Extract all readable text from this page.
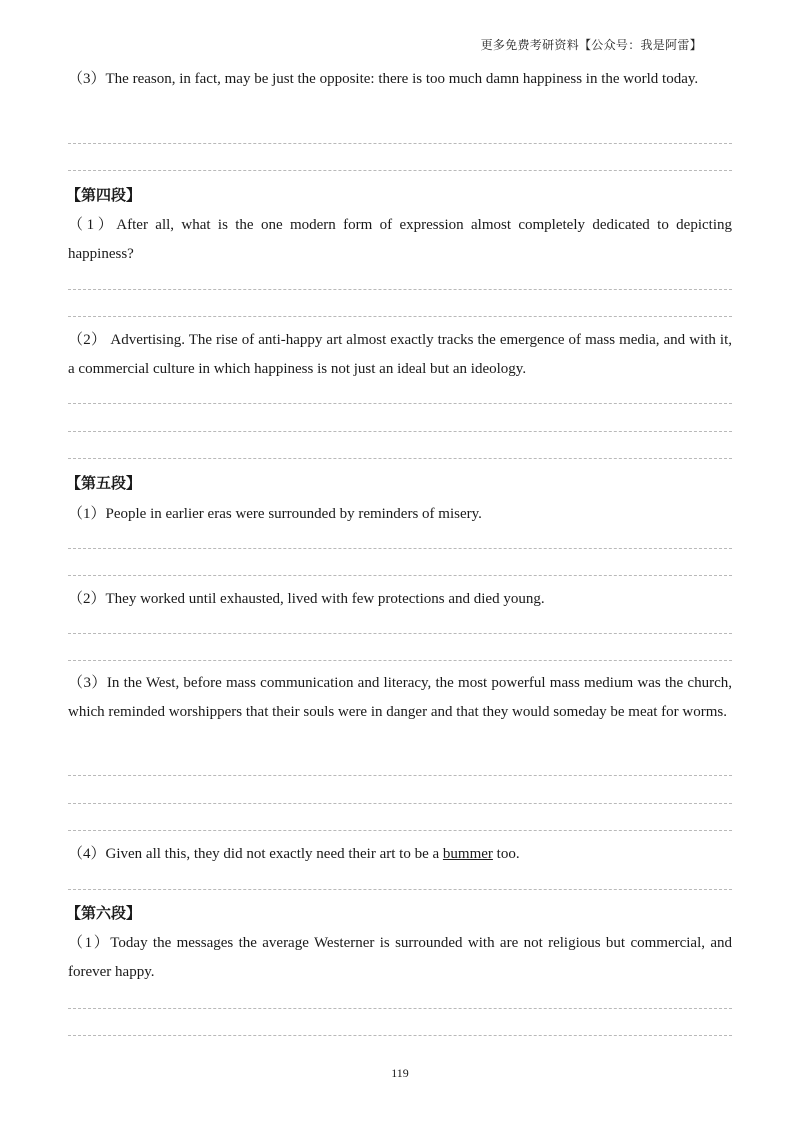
更多免费考研资料【公众号：我是阿雷】
（3）The reason, in fact, may be just the opposite: there is too much damn happiness in the world today.
【第四段】
（1）After all, what is the one modern form of expression almost completely dedicated to depicting happiness?
（2） Advertising. The rise of anti-happy art almost exactly tracks the emergence of mass media, and with it, a commercial culture in which happiness is not just an ideal but an ideology.
【第五段】
（1）People in earlier eras were surrounded by reminders of misery.
（2）They worked until exhausted, lived with few protections and died young.
（3）In the West, before mass communication and literacy, the most powerful mass medium was the church, which reminded worshippers that their souls were in danger and that they would someday be meat for worms.
（4）Given all this, they did not exactly need their art to be a bummer too.
【第六段】
（1）Today the messages the average Westerner is surrounded with are not religious but commercial, and forever happy.
119
